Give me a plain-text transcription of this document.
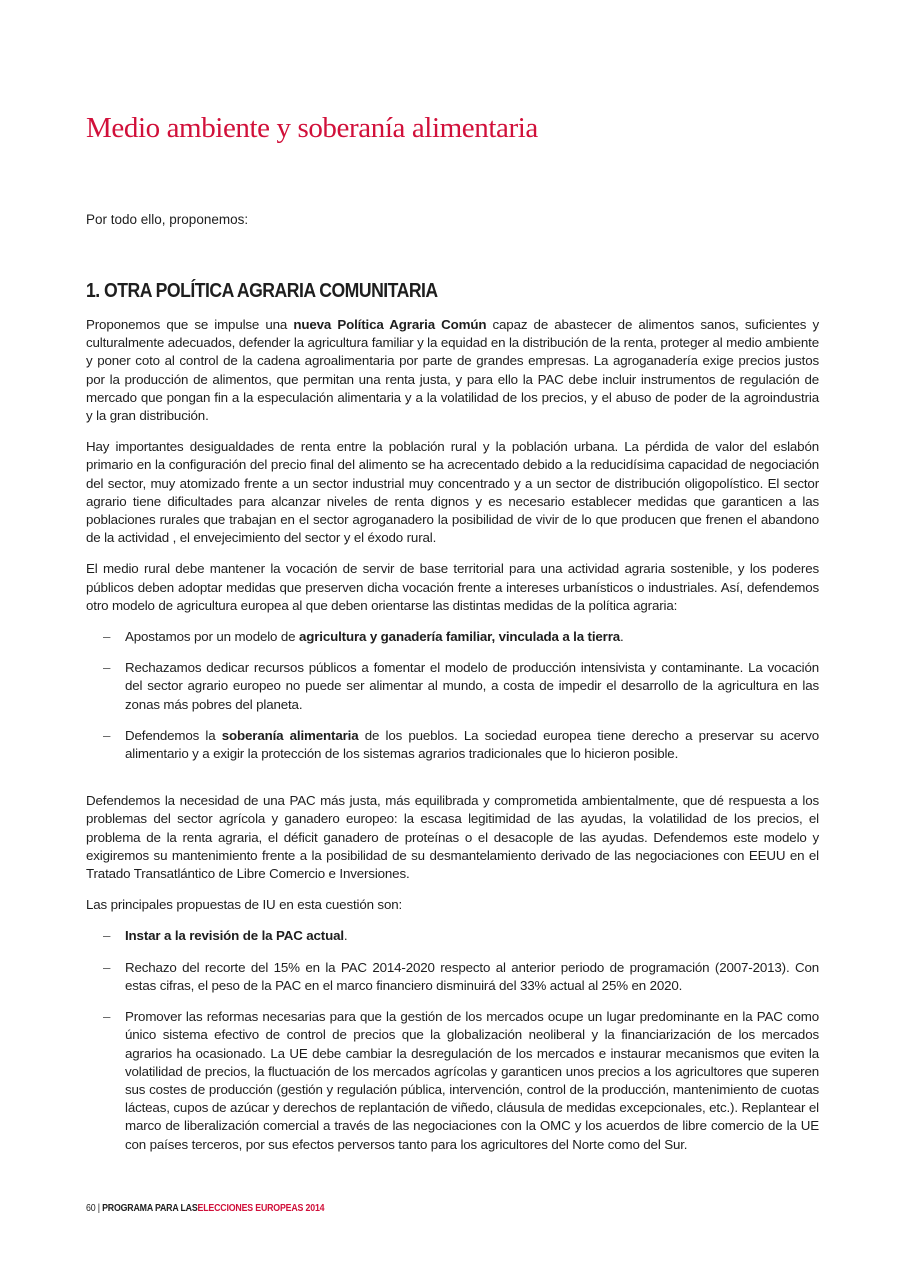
Medio ambiente y soberanía alimentaria
Por todo ello, proponemos:
1. OTRA POLÍTICA AGRARIA COMUNITARIA

Proponemos que se impulse una nueva Política Agraria Común capaz de abastecer de alimentos sanos, suficientes y culturalmente adecuados, defender la agricultura familiar y la equidad en la distribución de la renta, proteger al medio ambiente y poner coto al control de la cadena agroalimentaria por parte de grandes empresas. La agroganadería exige precios justos por la producción de alimentos, que permitan una renta justa, y para ello la PAC debe incluir instrumentos de regulación de mercado que pongan fin a la especulación alimentaria y a la volatilidad de los precios, y el abuso de poder de la agroindustria y la gran distribución.

Hay importantes desigualdades de renta entre la población rural y la población urbana. La pérdida de valor del eslabón primario en la configuración del precio final del alimento se ha acrecentado debido a la reducidísima capacidad de negociación del sector, muy atomizado frente a un sector industrial muy concentrado y a un sector de distribución oligopolístico. El sector agrario tiene dificultades para alcanzar niveles de renta dignos y es necesario establecer medidas que garanticen a las poblaciones rurales que trabajan en el sector agroganadero la posibilidad de vivir de lo que producen que frenen el abandono de la actividad , el envejecimiento del sector y el éxodo rural.

El medio rural debe mantener la vocación de servir de base territorial para una actividad agraria sostenible, y los poderes públicos deben adoptar medidas que preserven dicha vocación frente a intereses urbanísticos o industriales. Así, defendemos otro modelo de agricultura europea al que deben orientarse las distintas medidas de la política agraria:

– Apostamos por un modelo de agricultura y ganadería familiar, vinculada a la tierra.
– Rechazamos dedicar recursos públicos a fomentar el modelo de producción intensivista y contaminante. La vocación del sector agrario europeo no puede ser alimentar al mundo, a costa de impedir el desarrollo de la agricultura en las zonas más pobres del planeta.
– Defendemos la soberanía alimentaria de los pueblos. La sociedad europea tiene derecho a preservar su acervo alimentario y a exigir la protección de los sistemas agrarios tradicionales que lo hicieron posible.

Defendemos la necesidad de una PAC más justa, más equilibrada y comprometida ambientalmente, que dé respuesta a los problemas del sector agrícola y ganadero europeo: la escasa legitimidad de las ayudas, la volatilidad de los precios, el problema de la renta agraria, el déficit ganadero de proteínas o el desacople de las ayudas. Defendemos este modelo y exigiremos su mantenimiento frente a la posibilidad de su desmantelamiento derivado de las negociaciones con EEUU en el Tratado Transatlántico de Libre Comercio e Inversiones.

Las principales propuestas de IU en esta cuestión son:

– Instar a la revisión de la PAC actual.
– Rechazo del recorte del 15% en la PAC 2014-2020 respecto al anterior periodo de programación (2007-2013). Con estas cifras, el peso de la PAC en el marco financiero disminuirá del 33% actual al 25% en 2020.
– Promover las reformas necesarias para que la gestión de los mercados ocupe un lugar predominante en la PAC como único sistema efectivo de control de precios que la globalización neoliberal y la financiarización de los mercados agrarios ha ocasionado. La UE debe cambiar la desregulación de los mercados e instaurar mecanismos que eviten la volatilidad de precios, la fluctuación de los mercados agrícolas y garanticen unos precios a los agricultores que superen sus costes de producción (gestión y regulación pública, intervención, control de la producción, mantenimiento de cuotas lácteas, cupos de azúcar y derechos de replantación de viñedo, cláusula de medidas excepcionales, etc.). Replantear el marco de liberalización comercial a través de las negociaciones con la OMC y los acuerdos de libre comercio de la UE con países terceros, por sus efectos perversos tanto para los agricultores del Norte como del Sur.
60 | PROGRAMA PARA LASELECCIONES EUROPEAS 2014
